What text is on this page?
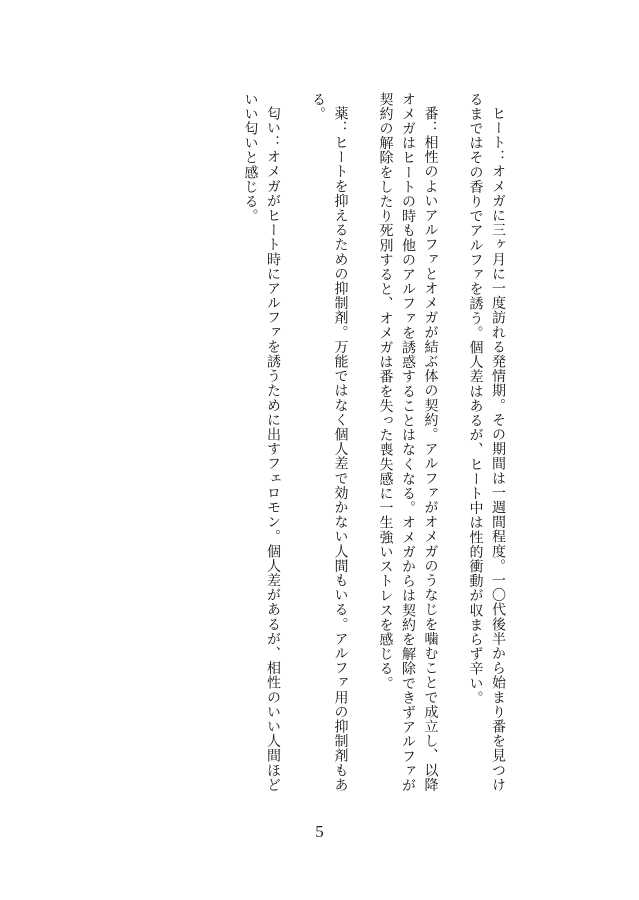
ヒート：オメガに三ヶ月に一度訪れる発情期。その期間は一週間程度。一〇代後半から始まり番を見つけ
るまではその香りでアルファを誘う。個人差はあるが、ヒート中は性的衝動が収まらず辛い。

番：相性のよいアルファとオメガが結ぶ体の契約。アルファがオメガのうなじを噛むことで成立し、以降
オメガはヒートの時も他のアルファを誘惑することはなくなる。オメガからは契約を解除できずアルファが
契約の解除をしたり死別すると、オメガは番を失った喪失感に一生強いストレスを感じる。

薬：ヒートを抑えるための抑制剤。万能ではなく個人差で効かない人間もいる。アルファ用の抑制剤もあ
る。

匂い：オメガがヒート時にアルファを誘うために出すフェロモン。個人差があるが、相性のいい人間ほど
いい匂いと感じる。

5
